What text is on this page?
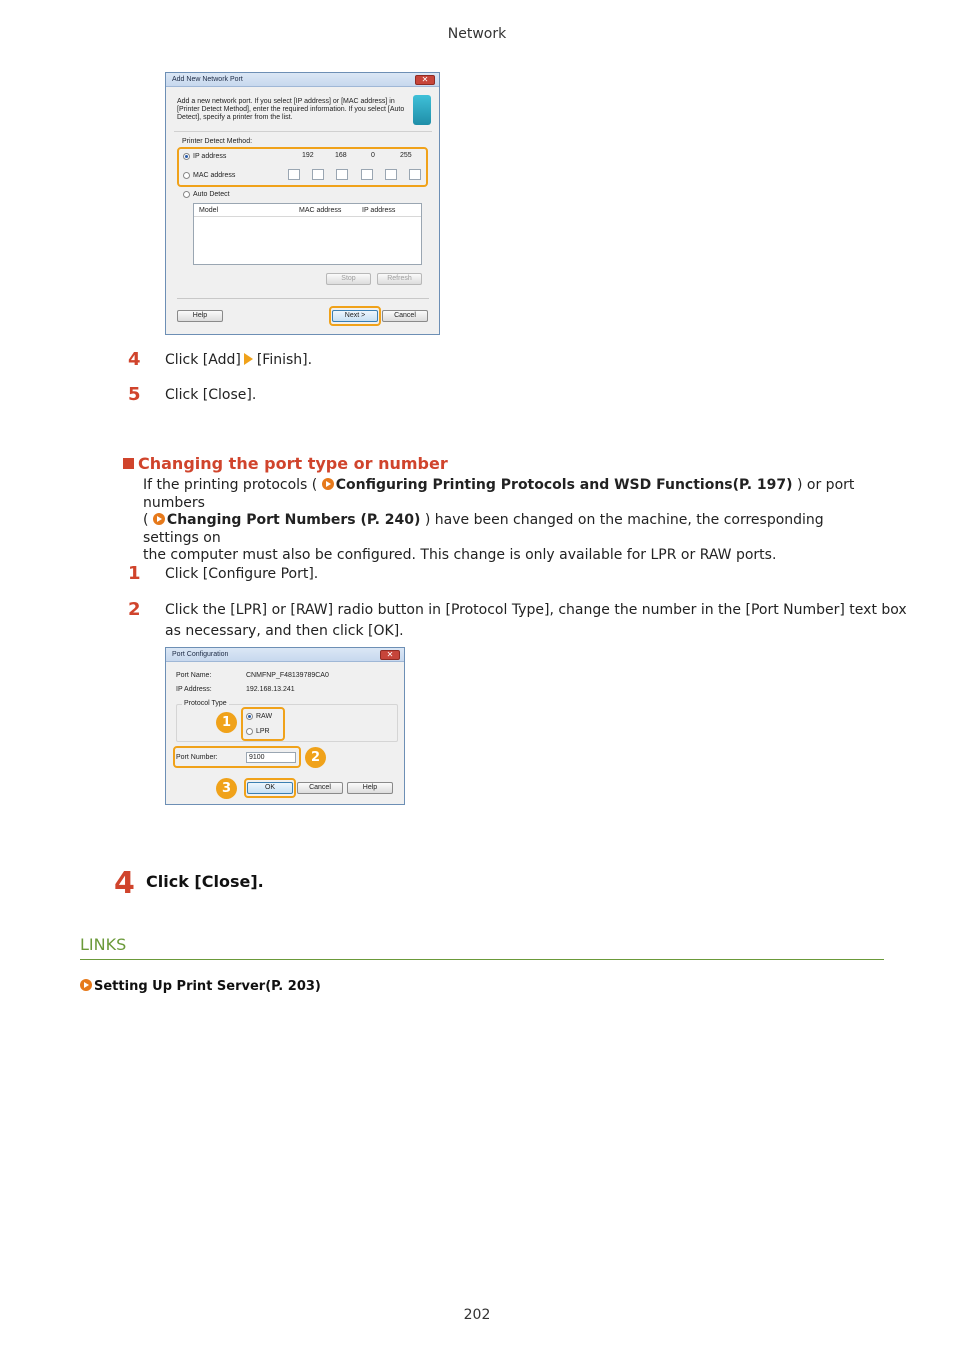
Network
Add New Network Port	✕
Add a new network port. If you select [IP address] or [MAC address] in
[Printer Detect Method], enter the required information. If you select [Auto
Detect], specify a printer from the list.
Printer Detect Method:
IP address	192	168	0	255
MAC address
Auto Detect
Model	MAC address	IP address
Stop	Refresh
Help	Next >	Cancel
4 Click [Add] [Finish].
5 Click [Close].
Changing the port type or number
If the printing protocols ( Configuring Printing Protocols and WSD Functions(P. 197) ) or port numbers
( Changing Port Numbers (P. 240) ) have been changed on the machine, the corresponding settings on
the computer must also be configured. This change is only available for LPR or RAW ports.
1 Click [Configure Port].
2 Click the [LPR] or [RAW] radio button in [Protocol Type], change the number in the [Port Number] text box
as necessary, and then click [OK].
Port Configuration	✕
Port Name:	CNMFNP_F48139789CA0
IP Address:	192.168.13.241
Protocol Type
RAW
LPR
1
Port Number:	9100	2
OK
3	Cancel	Help
4 Click [Close].
LINKS
Setting Up Print Server(P. 203)
202
